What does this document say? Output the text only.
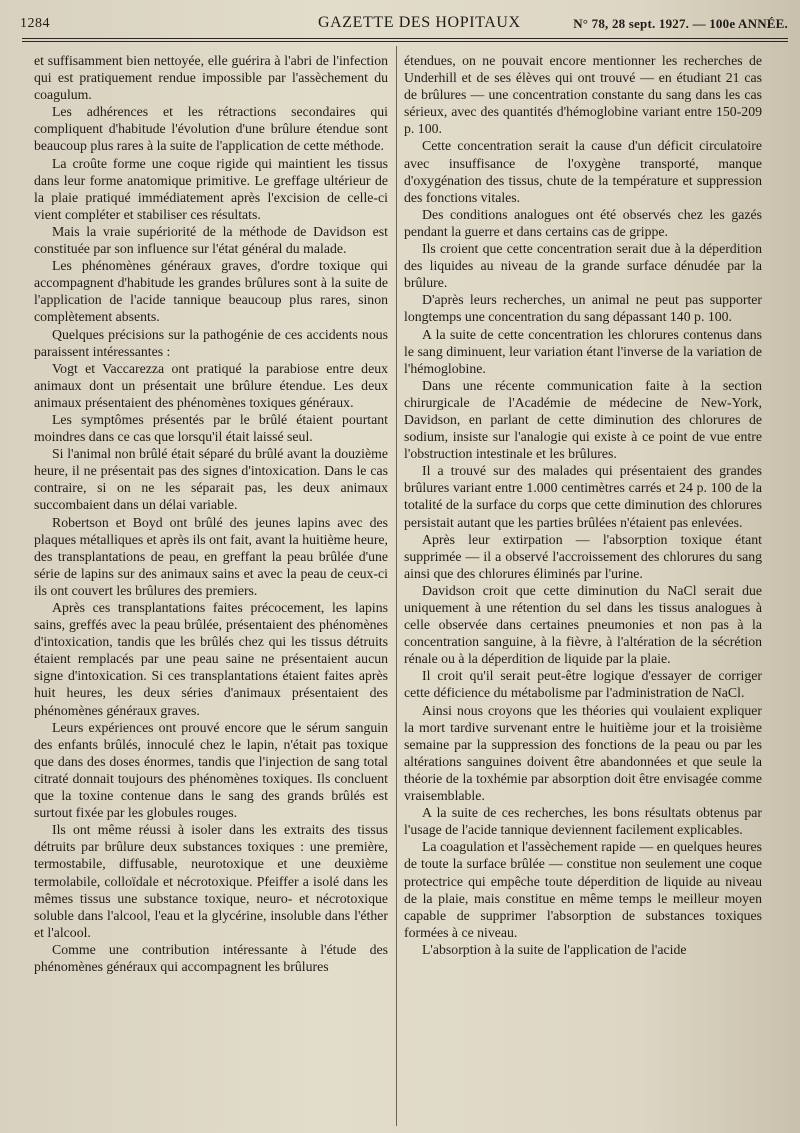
1284	GAZETTE DES HOPITAUX	N° 78, 28 sept. 1927. — 100e ANNÉE.

et suffisamment bien nettoyée, elle guérira à l'abri de l'infection qui est pratiquement rendue impossible par l'assèchement du coagulum.

Les adhérences et les rétractions secondaires qui compliquent d'habitude l'évolution d'une brûlure étendue sont beaucoup plus rares à la suite de l'application de cette méthode.

La croûte forme une coque rigide qui maintient les tissus dans leur forme anatomique primitive. Le greffage ultérieur de la plaie pratiqué immédiatement après l'excision de celle-ci vient compléter et stabiliser ces résultats.

Mais la vraie supériorité de la méthode de Davidson est constituée par son influence sur l'état général du malade.

Les phénomènes généraux graves, d'ordre toxique qui accompagnent d'habitude les grandes brûlures sont à la suite de l'application de l'acide tannique beaucoup plus rares, sinon complètement absents.

Quelques précisions sur la pathogénie de ces accidents nous paraissent intéressantes :

Vogt et Vaccarezza ont pratiqué la parabiose entre deux animaux dont un présentait une brûlure étendue. Les deux animaux présentaient des phénomènes toxiques généraux.

Les symptômes présentés par le brûlé étaient pourtant moindres dans ce cas que lorsqu'il était laissé seul.

Si l'animal non brûlé était séparé du brûlé avant la douzième heure, il ne présentait pas des signes d'intoxication. Dans le cas contraire, si on ne les séparait pas, les deux animaux succombaient dans un délai variable.

Robertson et Boyd ont brûlé des jeunes lapins avec des plaques métalliques et après ils ont fait, avant la huitième heure, des transplantations de peau, en greffant la peau brûlée d'une série de lapins sur des animaux sains et avec la peau de ceux-ci ils ont couvert les brûlures des premiers.

Après ces transplantations faites précocement, les lapins sains, greffés avec la peau brûlée, présentaient des phénomènes d'intoxication, tandis que les brûlés chez qui les tissus détruits étaient remplacés par une peau saine ne présentaient aucun signe d'intoxication. Si ces transplantations étaient faites après huit heures, les deux séries d'animaux présentaient des phénomènes généraux graves.

Leurs expériences ont prouvé encore que le sérum sanguin des enfants brûlés, innoculé chez le lapin, n'était pas toxique que dans des doses énormes, tandis que l'injection de sang total citraté donnait toujours des phénomènes toxiques. Ils concluent que la toxine contenue dans le sang des grands brûlés est surtout fixée par les globules rouges.

Ils ont même réussi à isoler dans les extraits des tissus détruits par brûlure deux substances toxiques : une première, termostabile, diffusable, neurotoxique et une deuxième termolabile, colloïdale et nécrotoxique. Pfeiffer a isolé dans les mêmes tissus une substance toxique, neuro- et nécrotoxique soluble dans l'alcool, l'eau et la glycérine, insoluble dans l'éther et l'alcool.

Comme une contribution intéressante à l'étude des phénomènes généraux qui accompagnent les brûlures

étendues, on ne pouvait encore mentionner les recherches de Underhill et de ses élèves qui ont trouvé — en étudiant 21 cas de brûlures — une concentration constante du sang dans les cas sérieux, avec des quantités d'hémoglobine variant entre 150-209 p. 100.

Cette concentration serait la cause d'un déficit circulatoire avec insuffisance de l'oxygène transporté, manque d'oxygénation des tissus, chute de la température et suppression des fonctions vitales.

Des conditions analogues ont été observés chez les gazés pendant la guerre et dans certains cas de grippe.

Ils croient que cette concentration serait due à la déperdition des liquides au niveau de la grande surface dénudée par la brûlure.

D'après leurs recherches, un animal ne peut pas supporter longtemps une concentration du sang dépassant 140 p. 100.

A la suite de cette concentration les chlorures contenus dans le sang diminuent, leur variation étant l'inverse de la variation de l'hémoglobine.

Dans une récente communication faite à la section chirurgicale de l'Académie de médecine de New-York, Davidson, en parlant de cette diminution des chlorures de sodium, insiste sur l'analogie qui existe à ce point de vue entre l'obstruction intestinale et les brûlures.

Il a trouvé sur des malades qui présentaient des grandes brûlures variant entre 1.000 centimètres carrés et 24 p. 100 de la totalité de la surface du corps que cette diminution des chlorures persistait autant que les parties brûlées n'étaient pas enlevées.

Après leur extirpation — l'absorption toxique étant supprimée — il a observé l'accroissement des chlorures du sang ainsi que des chlorures éliminés par l'urine.

Davidson croit que cette diminution du NaCl serait due uniquement à une rétention du sel dans les tissus analogues à celle observée dans certaines pneumonies et non pas à la concentration sanguine, à la fièvre, à l'altération de la sécrétion rénale ou à la déperdition de liquide par la plaie.

Il croit qu'il serait peut-être logique d'essayer de corriger cette déficience du métabolisme par l'administration de NaCl.

Ainsi nous croyons que les théories qui voulaient expliquer la mort tardive survenant entre le huitième jour et la troisième semaine par la suppression des fonctions de la peau ou par les altérations sanguines doivent être abandonnées et que seule la théorie de la toxhémie par absorption doit être envisagée comme vraisemblable.

A la suite de ces recherches, les bons résultats obtenus par l'usage de l'acide tannique deviennent facilement explicables.

La coagulation et l'assèchement rapide — en quelques heures de toute la surface brûlée — constitue non seulement une coque protectrice qui empêche toute déperdition de liquide au niveau de la plaie, mais constitue en même temps le meilleur moyen capable de supprimer l'absorption de substances toxiques formées à ce niveau.

L'absorption à la suite de l'application de l'acide
